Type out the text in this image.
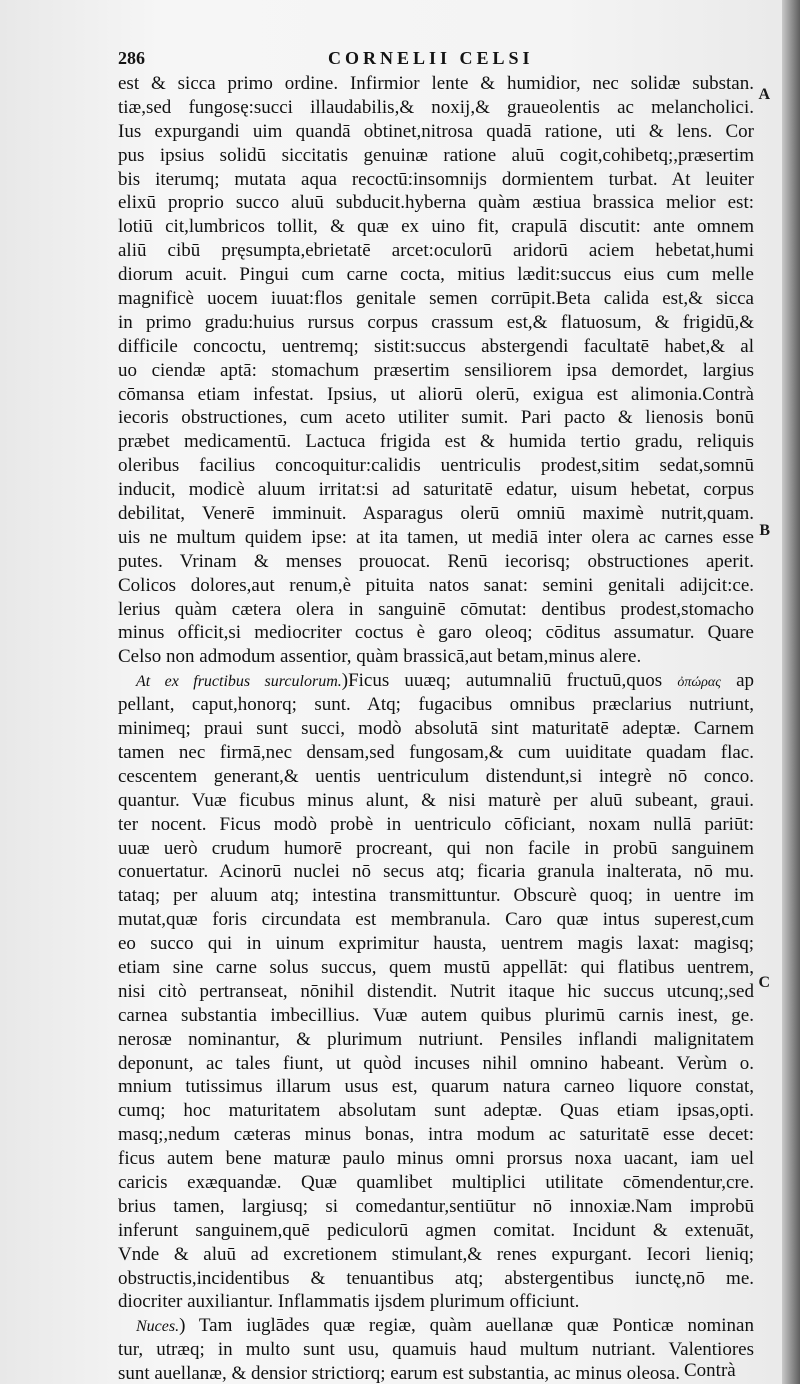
286	CORNELII CELSI
A
B
C
est & sicca primo ordine. Infirmior lente & humidior, nec solidæ substan.
tiæ,sed fungosę:succi illaudabilis,& noxij,& graueolentis ac melancholici.
Ius expurgandi uim quandā obtinet,nitrosa quadā ratione, uti & lens. Cor
pus ipsius solidū siccitatis genuinæ ratione aluū cogit,cohibetq;,præsertim
bis iterumq; mutata aqua recoctū:insomnijs dormientem turbat. At leuiter
elixū proprio succo aluū subducit.hyberna quàm æstiua brassica melior est:
lotiū cit,lumbricos tollit, & quæ ex uino fit, crapulā discutit: ante omnem
aliū cibū pręsumpta,ebrietatē arcet:oculorū aridorū aciem hebetat,humi
diorum acuit. Pingui cum carne cocta, mitius lædit:succus eius cum melle
magnificè uocem iuuat:flos genitale semen corrūpit.Beta calida est,& sicca
in primo gradu:huius rursus corpus crassum est,& flatuosum, & frigidū,&
difficile concoctu, uentremq; sistit:succus abstergendi facultatē habet,& al
uo ciendæ aptā: stomachum præsertim sensiliorem ipsa demordet, largius
cōmansa etiam infestat. Ipsius, ut aliorū olerū, exigua est alimonia.Contrà
iecoris obstructiones, cum aceto utiliter sumit. Pari pacto & lienosis bonū
præbet medicamentū. Lactuca frigida est & humida tertio gradu, reliquis
oleribus facilius concoquitur:calidis uentriculis prodest,sitim sedat,somnū
inducit, modicè aluum irritat:si ad saturitatē edatur, uisum hebetat, corpus
debilitat, Venerē imminuit. Asparagus olerū omniū maximè nutrit,quam.
uis ne multum quidem ipse: at ita tamen, ut mediā inter olera ac carnes esse
putes. Vrinam & menses prouocat. Renū iecorisq; obstructiones aperit.
Colicos dolores,aut renum,è pituita natos sanat: semini genitali adijcit:ce.
lerius quàm cætera olera in sanguinē cōmutat: dentibus prodest,stomacho
minus officit,si mediocriter coctus è garo oleoq; cōditus assumatur. Quare
Celso non admodum assentior, quàm brassicā,aut betam,minus alere.
At ex fructibus surculorum.)Ficus uuæq; autumnaliū fructuū,quos ὀπώρας ap
pellant, caput,honorq; sunt. Atq; fugacibus omnibus præclarius nutriunt,
minimeq; praui sunt succi, modò absolutā sint maturitatē adeptæ. Carnem
tamen nec firmā,nec densam,sed fungosam,& cum uuiditate quadam flac.
cescentem generant,& uentis uentriculum distendunt,si integrè nō conco.
quantur. Vuæ ficubus minus alunt, & nisi maturè per aluū subeant, graui.
ter nocent. Ficus modò probè in uentriculo cōficiant, noxam nullā pariūt:
uuæ uerò crudum humorē procreant, qui non facile in probū sanguinem
conuertatur. Acinorū nuclei nō secus atq; ficaria granula inalterata, nō mu.
tataq; per aluum atq; intestina transmittuntur. Obscurè quoq; in uentre im
mutat,quæ foris circundata est membranula. Caro quæ intus superest,cum
eo succo qui in uinum exprimitur hausta, uentrem magis laxat: magisq;
etiam sine carne solus succus, quem mustū appellāt: qui flatibus uentrem,
nisi citò pertranseat, nōnihil distendit. Nutrit itaque hic succus utcunq;,sed
carnea substantia imbecillius. Vuæ autem quibus plurimū carnis inest, ge.
nerosæ nominantur, & plurimum nutriunt. Pensiles inflandi malignitatem
deponunt, ac tales fiunt, ut quòd incuses nihil omnino habeant. Verùm o.
mnium tutissimus illarum usus est, quarum natura carneo liquore constat,
cumq; hoc maturitatem absolutam sunt adeptæ. Quas etiam ipsas,opti.
masq;,nedum cæteras minus bonas, intra modum ac saturitatē esse decet:
ficus autem bene maturæ paulo minus omni prorsus noxa uacant, iam uel
caricis exæquandæ. Quæ quamlibet multiplici utilitate cōmendentur,cre.
brius tamen, largiusq; si comedantur,sentiūtur nō innoxiæ.Nam improbū
inferunt sanguinem,quē pediculorū agmen comitat. Incidunt & extenuāt,
Vnde & aluū ad excretionem stimulant,& renes expurgant. Iecori lieniq;
obstructis,incidentibus & tenuantibus atq; abstergentibus iunctę,nō me.
diocriter auxiliantur. Inflammatis ijsdem plurimum officiunt.
Nuces.) Tam iuglādes quæ regiæ, quàm auellanæ quæ Ponticæ nominan
tur, utræq; in multo sunt usu, quamuis haud multum nutriant. Valentiores
sunt auellanæ, & densior strictiorq; earum est substantia, ac minus oleosa. Contrà
